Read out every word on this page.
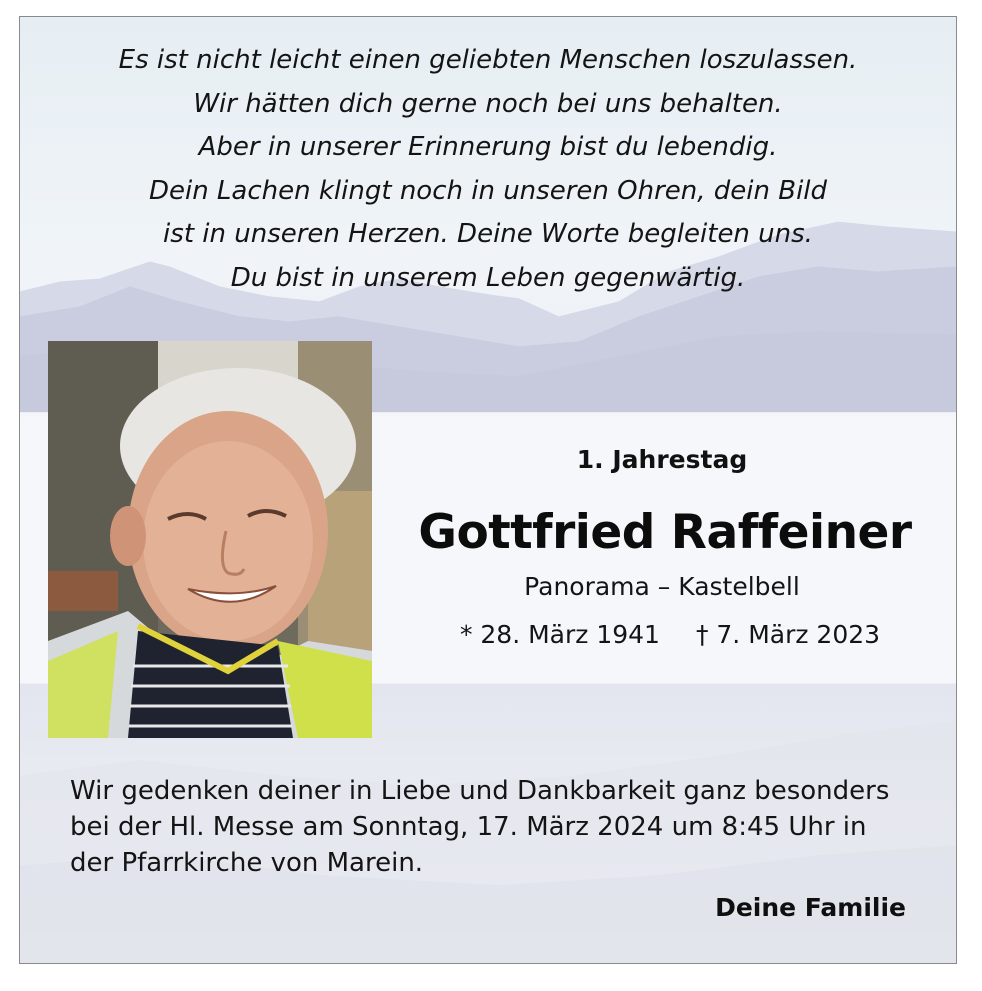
Es ist nicht leicht einen geliebten Menschen loszulassen.
Wir hätten dich gerne noch bei uns behalten.
Aber in unserer Erinnerung bist du lebendig.
Dein Lachen klingt noch in unseren Ohren, dein Bild
ist in unseren Herzen. Deine Worte begleiten uns.
Du bist in unserem Leben gegenwärtig.
1. Jahrestag
Gottfried Raffeiner
Panorama – Kastelbell
* 28. März 1941 † 7. März 2023
Wir gedenken deiner in Liebe und Dankbarkeit ganz besonders
bei der Hl. Messe am Sonntag, 17. März 2024 um 8:45 Uhr in
der Pfarrkirche von Marein.
Deine Familie
